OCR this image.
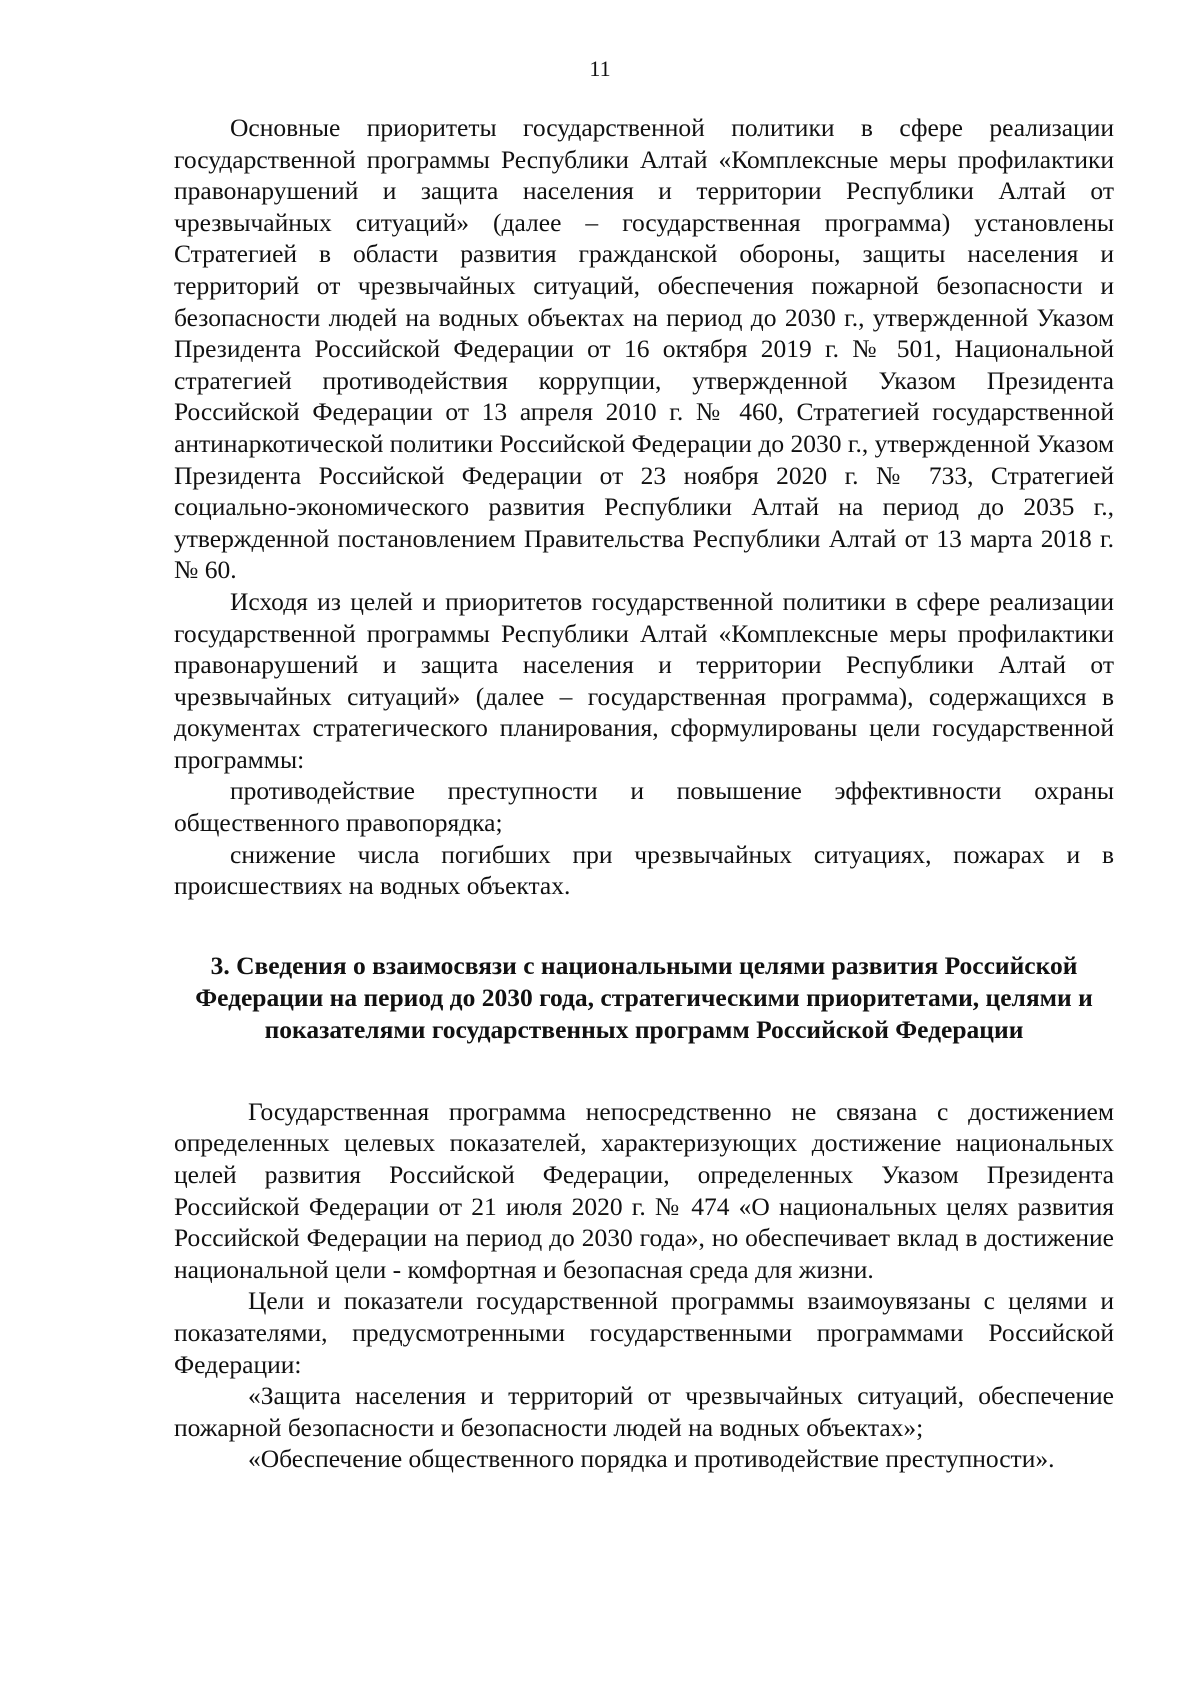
11

Основные приоритеты государственной политики в сфере реализации государственной программы Республики Алтай «Комплексные меры профилактики правонарушений и защита населения и территории Республики Алтай от чрезвычайных ситуаций» (далее – государственная программа) установлены Стратегией в области развития гражданской обороны, защиты населения и территорий от чрезвычайных ситуаций, обеспечения пожарной безопасности и безопасности людей на водных объектах на период до 2030 г., утвержденной Указом Президента Российской Федерации от 16 октября 2019 г. № 501, Национальной стратегией противодействия коррупции, утвержденной Указом Президента Российской Федерации от 13 апреля 2010 г. № 460, Стратегией государственной антинаркотической политики Российской Федерации до 2030 г., утвержденной Указом Президента Российской Федерации от 23 ноября 2020 г. № 733, Стратегией социально-экономического развития Республики Алтай на период до 2035 г., утвержденной постановлением Правительства Республики Алтай от 13 марта 2018 г. № 60.

Исходя из целей и приоритетов государственной политики в сфере реализации государственной программы Республики Алтай «Комплексные меры профилактики правонарушений и защита населения и территории Республики Алтай от чрезвычайных ситуаций» (далее – государственная программа), содержащихся в документах стратегического планирования, сформулированы цели государственной программы:

противодействие преступности и повышение эффективности охраны общественного правопорядка;

снижение числа погибших при чрезвычайных ситуациях, пожарах и в происшествиях на водных объектах.

3. Сведения о взаимосвязи с национальными целями развития Российской Федерации на период до 2030 года, стратегическими приоритетами, целями и показателями государственных программ Российской Федерации

Государственная программа непосредственно не связана с достижением определенных целевых показателей, характеризующих достижение национальных целей развития Российской Федерации, определенных Указом Президента Российской Федерации от 21 июля 2020 г. № 474 «О национальных целях развития Российской Федерации на период до 2030 года», но обеспечивает вклад в достижение национальной цели - комфортная и безопасная среда для жизни.

Цели и показатели государственной программы взаимоувязаны с целями и показателями, предусмотренными государственными программами Российской Федерации:

«Защита населения и территорий от чрезвычайных ситуаций, обеспечение пожарной безопасности и безопасности людей на водных объектах»;

«Обеспечение общественного порядка и противодействие преступности».
